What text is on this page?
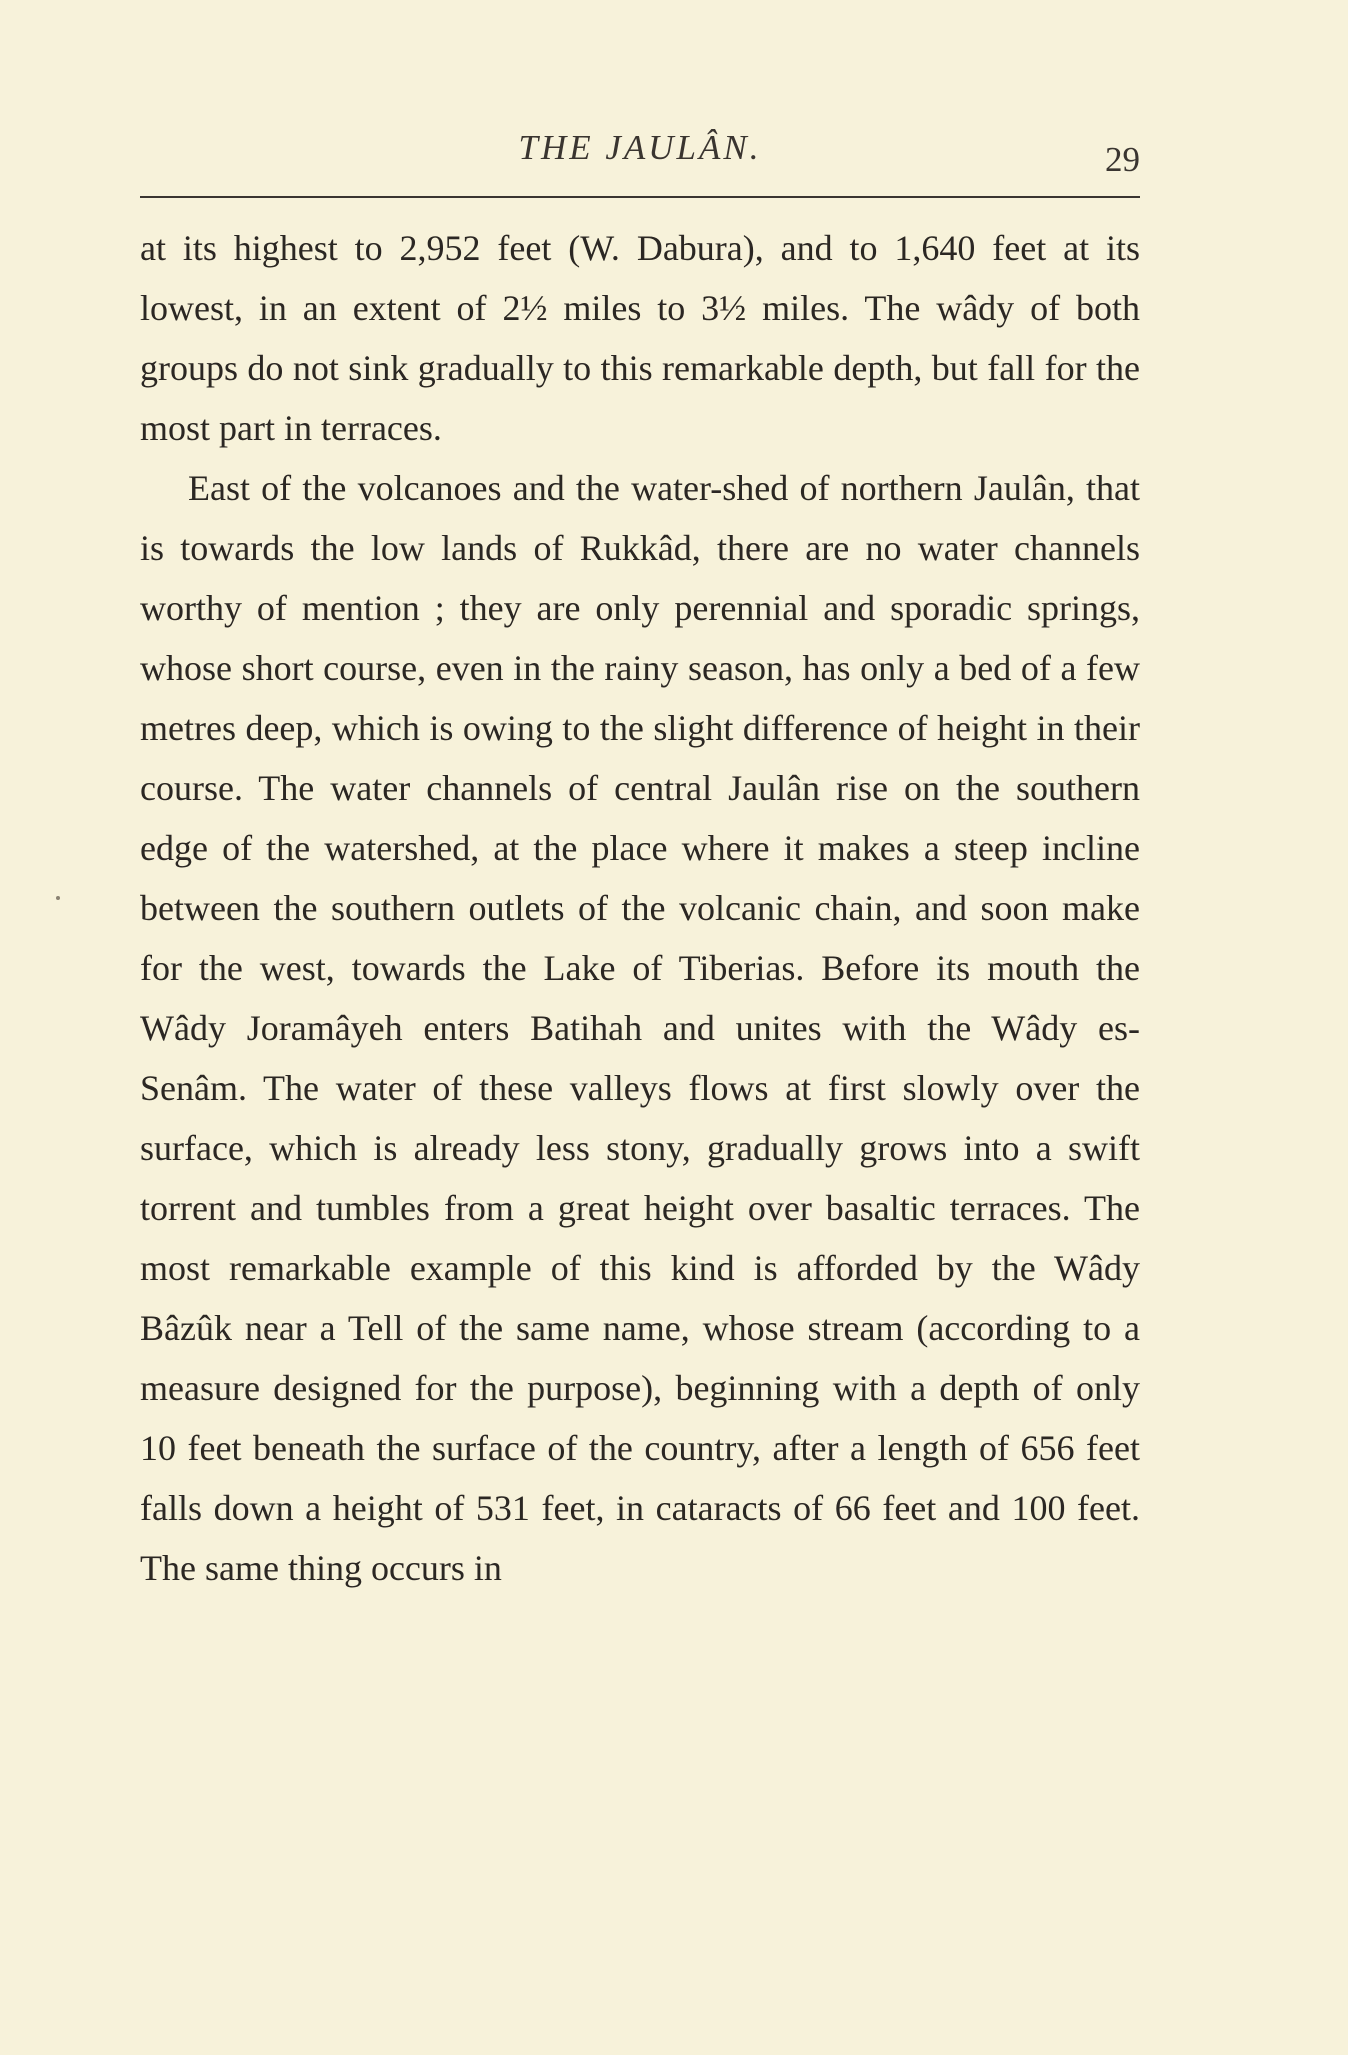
THE JAULÂN.	29

at its highest to 2,952 feet (W. Dabura), and to 1,640 feet at its lowest, in an extent of 2½ miles to 3½ miles. The wâdy of both groups do not sink gradually to this remarkable depth, but fall for the most part in terraces.

East of the volcanoes and the water-shed of northern Jaulân, that is towards the low lands of Rukkâd, there are no water channels worthy of mention ; they are only perennial and sporadic springs, whose short course, even in the rainy season, has only a bed of a few metres deep, which is owing to the slight difference of height in their course. The water channels of central Jaulân rise on the southern edge of the watershed, at the place where it makes a steep incline between the southern outlets of the volcanic chain, and soon make for the west, towards the Lake of Tiberias. Before its mouth the Wâdy Joramâyeh enters Batihah and unites with the Wâdy es-Senâm. The water of these valleys flows at first slowly over the surface, which is already less stony, gradually grows into a swift torrent and tumbles from a great height over basaltic terraces. The most remarkable example of this kind is afforded by the Wâdy Bâzûk near a Tell of the same name, whose stream (according to a measure designed for the purpose), beginning with a depth of only 10 feet beneath the surface of the country, after a length of 656 feet falls down a height of 531 feet, in cataracts of 66 feet and 100 feet. The same thing occurs in
